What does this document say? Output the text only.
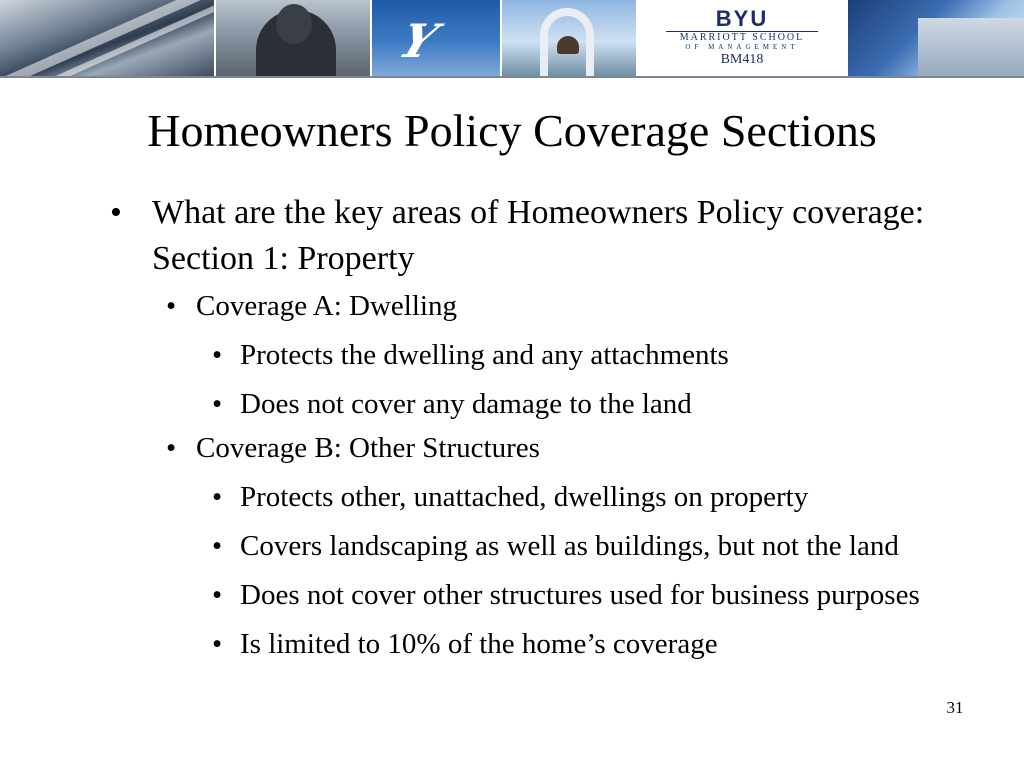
Y	BYU
MARRIOTT SCHOOL
OF MANAGEMENT
BM418
Homeowners Policy Coverage Sections
• What are the key areas of Homeowners Policy coverage: Section 1: Property
• Coverage A: Dwelling
• Protects the dwelling and any attachments
• Does not cover any damage to the land
• Coverage B: Other Structures
• Protects other, unattached, dwellings on property
• Covers landscaping as well as buildings, but not the land
• Does not cover other structures used for business purposes
• Is limited to 10% of the home’s coverage
31
